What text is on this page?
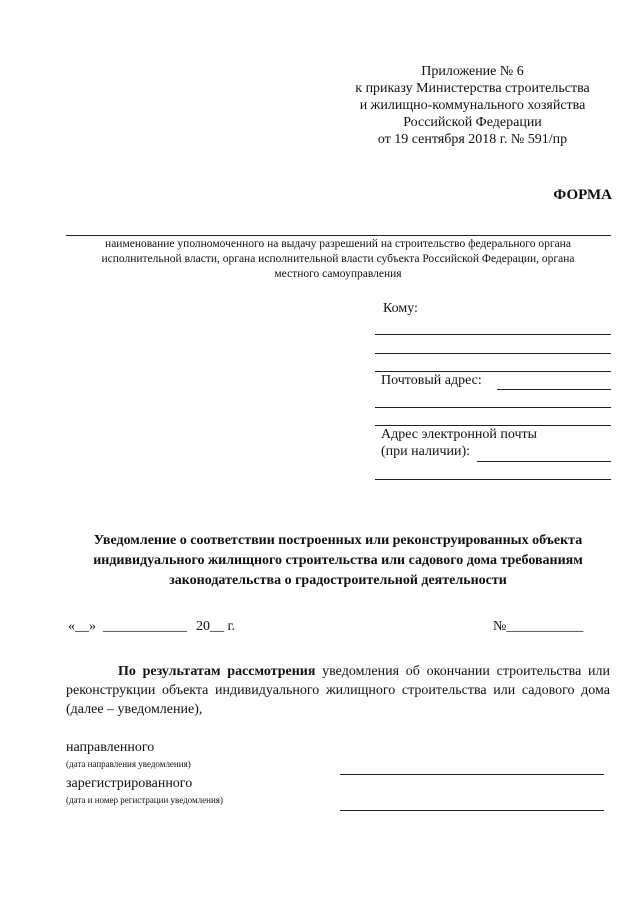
Приложение № 6
к приказу Министерства строительства
и жилищно-коммунального хозяйства
Российской Федерации
от 19 сентября 2018 г. № 591/пр
ФОРМА
наименование уполномоченного на выдачу разрешений на строительство федерального органа
исполнительной власти, органа исполнительной власти субъекта Российской Федерации, органа
местного самоуправления
Кому:
Почтовый адрес:
Адрес электронной почты
(при наличии):
Уведомление о соответствии построенных или реконструированных объекта
индивидуального жилищного строительства или садового дома требованиям
законодательства о градостроительной деятельности
«__» ____________ 20__ г.	№___________
По результатам рассмотрения уведомления об окончании строительства или реконструкции объекта индивидуального жилищного строительства или садового дома (далее – уведомление),
направленного
(дата направления уведомления)
зарегистрированного
(дата и номер регистрации уведомления)
